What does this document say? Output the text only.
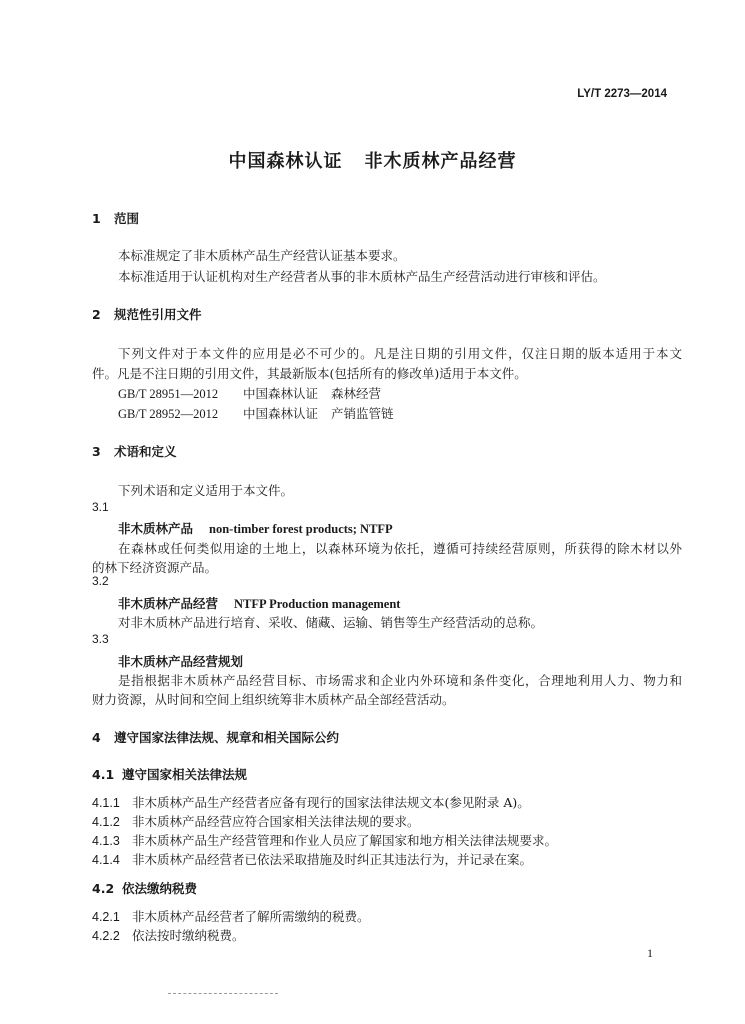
LY/T 2273—2014
中国森林认证 非木质林产品经营
1 范围
本标准规定了非木质林产品生产经营认证基本要求。
本标准适用于认证机构对生产经营者从事的非木质林产品生产经营活动进行审核和评估。
2 规范性引用文件
下列文件对于本文件的应用是必不可少的。凡是注日期的引用文件，仅注日期的版本适用于本文
件。凡是不注日期的引用文件，其最新版本(包括所有的修改单)适用于本文件。
GB/T 28951—2012 中国森林认证 森林经营
GB/T 28952—2012 中国森林认证 产销监管链
3 术语和定义
下列术语和定义适用于本文件。
3.1
非木质林产品 non-timber forest products; NTFP
在森林或任何类似用途的土地上，以森林环境为依托，遵循可持续经营原则，所获得的除木材以外
的林下经济资源产品。
3.2
非木质林产品经营 NTFP Production management
对非木质林产品进行培育、采收、储藏、运输、销售等生产经营活动的总称。
3.3
非木质林产品经营规划
是指根据非木质林产品经营目标、市场需求和企业内外环境和条件变化，合理地利用人力、物力和
财力资源，从时间和空间上组织统筹非木质林产品全部经营活动。
4 遵守国家法律法规、规章和相关国际公约
4.1 遵守国家相关法律法规
4.1.1 非木质林产品生产经营者应备有现行的国家法律法规文本(参见附录 A)。
4.1.2 非木质林产品经营应符合国家相关法律法规的要求。
4.1.3 非木质林产品生产经营管理和作业人员应了解国家和地方相关法律法规要求。
4.1.4 非木质林产品经营者已依法采取措施及时纠正其违法行为，并记录在案。
4.2 依法缴纳税费
4.2.1 非木质林产品经营者了解所需缴纳的税费。
4.2.2 依法按时缴纳税费。
1
